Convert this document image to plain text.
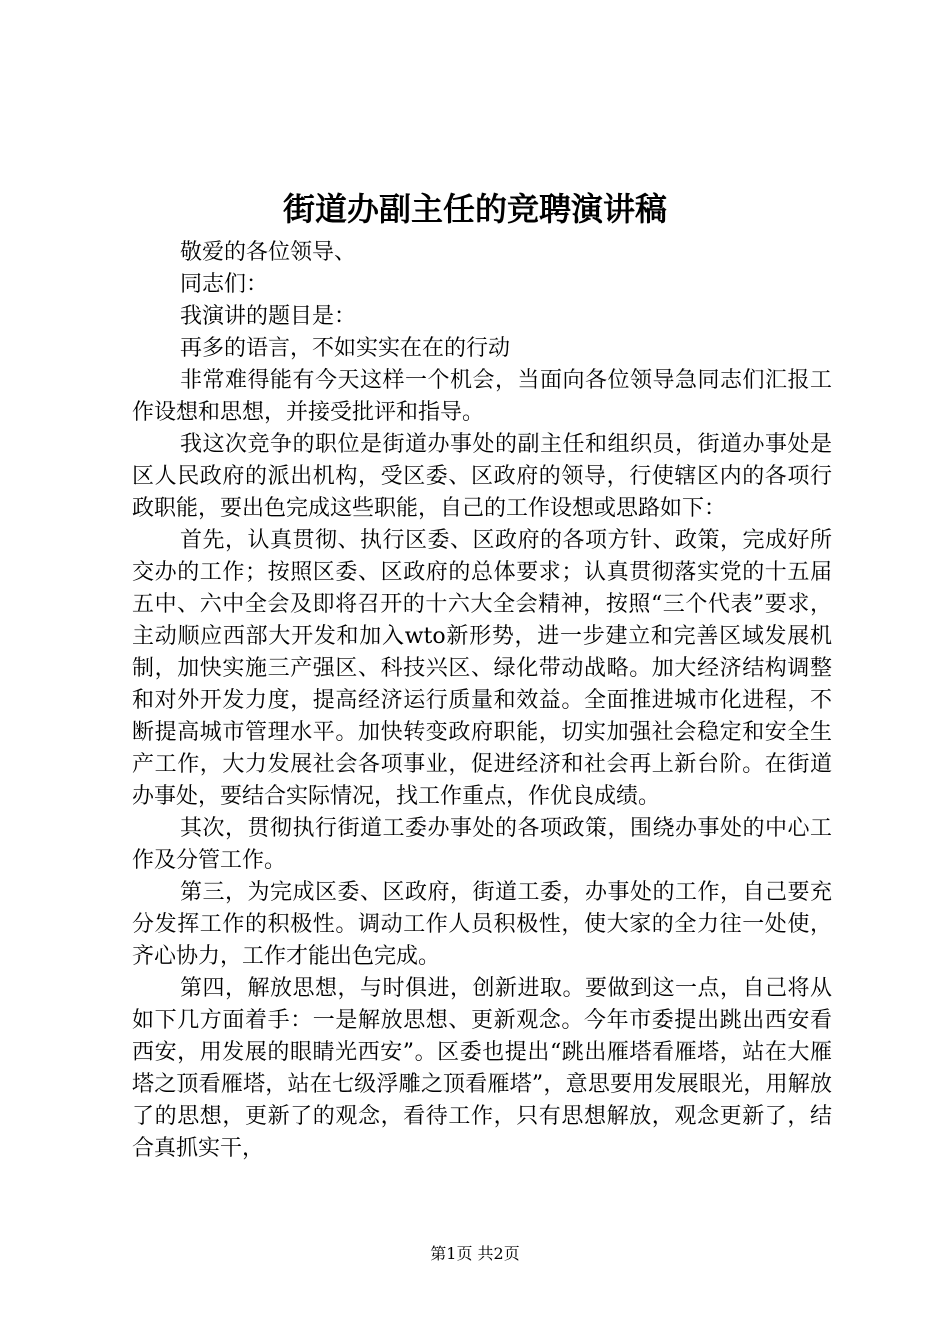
街道办副主任的竞聘演讲稿

敬爱的各位领导、

同志们：

我演讲的题目是：

再多的语言，不如实实在在的行动

非常难得能有今天这样一个机会，当面向各位领导急同志们汇报工作设想和思想，并接受批评和指导。

我这次竞争的职位是街道办事处的副主任和组织员，街道办事处是区人民政府的派出机构，受区委、区政府的领导，行使辖区内的各项行政职能，要出色完成这些职能，自己的工作设想或思路如下：

首先，认真贯彻、执行区委、区政府的各项方针、政策，完成好所交办的工作；按照区委、区政府的总体要求；认真贯彻落实党的十五届五中、六中全会及即将召开的十六大全会精神，按照“三个代表”要求，主动顺应西部大开发和加入wto新形势，进一步建立和完善区域发展机制，加快实施三产强区、科技兴区、绿化带动战略。加大经济结构调整和对外开发力度，提高经济运行质量和效益。全面推进城市化进程，不断提高城市管理水平。加快转变政府职能，切实加强社会稳定和安全生产工作，大力发展社会各项事业，促进经济和社会再上新台阶。在街道办事处，要结合实际情况，找工作重点，作优良成绩。

其次，贯彻执行街道工委办事处的各项政策，围绕办事处的中心工作及分管工作。

第三，为完成区委、区政府，街道工委，办事处的工作，自己要充分发挥工作的积极性。调动工作人员积极性，使大家的全力往一处使，齐心协力，工作才能出色完成。

第四，解放思想，与时俱进，创新进取。要做到这一点，自己将从如下几方面着手：一是解放思想、更新观念。今年市委提出跳出西安看西安，用发展的眼睛光西安”。区委也提出“跳出雁塔看雁塔，站在大雁塔之顶看雁塔，站在七级浮雕之顶看雁塔”，意思要用发展眼光，用解放了的思想，更新了的观念，看待工作，只有思想解放，观念更新了，结合真抓实干，

第1页 共2页
